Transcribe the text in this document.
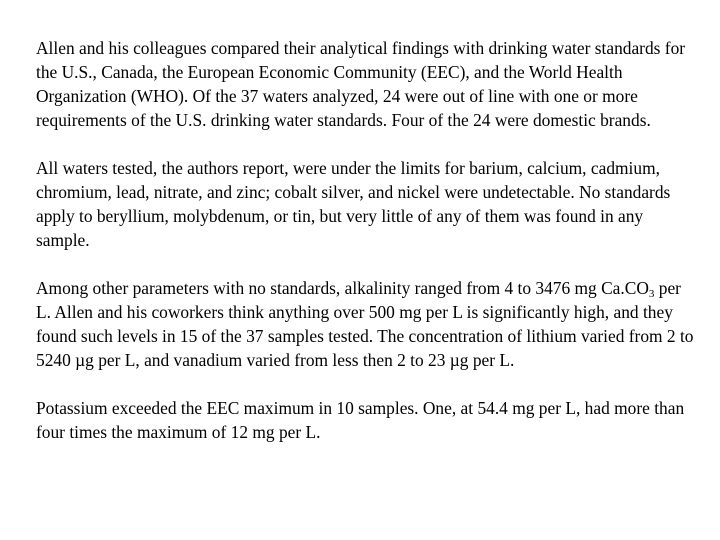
Allen and his colleagues compared their analytical findings with drinking water standards for the U.S., Canada, the European Economic Community (EEC), and the World Health Organization (WHO). Of the 37 waters analyzed, 24 were out of line with one or more requirements of the U.S. drinking water standards. Four of the 24 were domestic brands.

All waters tested, the authors report, were under the limits for barium, calcium, cadmium, chromium, lead, nitrate, and zinc; cobalt silver, and nickel were undetectable. No standards apply to beryllium, molybdenum, or tin, but very little of any of them was found in any sample.

Among other parameters with no standards, alkalinity ranged from 4 to 3476 mg $Ca.CO_3$ per L. Allen and his coworkers think anything over 500 mg per L is significantly high, and they found such levels in 15 of the 37 samples tested. The concentration of lithium varied from 2 to 5240 µg per L, and vanadium varied from less then 2 to 23 µg per L.

Potassium exceeded the EEC maximum in 10 samples. One, at 54.4 mg per L, had more than four times the maximum of 12 mg per L.
